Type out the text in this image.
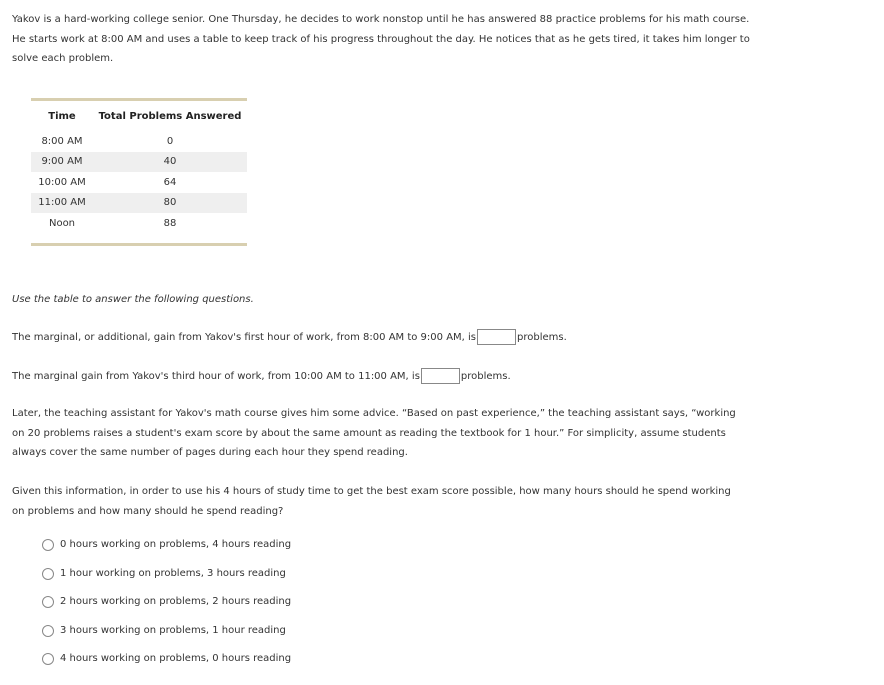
Yakov is a hard-working college senior. One Thursday, he decides to work nonstop until he has answered 88 practice problems for his math course. He starts work at 8:00 AM and uses a table to keep track of his progress throughout the day. He notices that as he gets tired, it takes him longer to solve each problem.

Time	Total Problems Answered
8:00 AM	0
9:00 AM	40
10:00 AM	64
11:00 AM	80
Noon	88

Use the table to answer the following questions.

The marginal, or additional, gain from Yakov's first hour of work, from 8:00 AM to 9:00 AM, is	problems.
The marginal gain from Yakov's third hour of work, from 10:00 AM to 11:00 AM, is	problems.

Later, the teaching assistant for Yakov's math course gives him some advice. “Based on past experience,” the teaching assistant says, “working on 20 problems raises a student's exam score by about the same amount as reading the textbook for 1 hour.” For simplicity, assume students always cover the same number of pages during each hour they spend reading.

Given this information, in order to use his 4 hours of study time to get the best exam score possible, how many hours should he spend working on problems and how many should he spend reading?

0 hours working on problems, 4 hours reading
1 hour working on problems, 3 hours reading
2 hours working on problems, 2 hours reading
3 hours working on problems, 1 hour reading
4 hours working on problems, 0 hours reading
